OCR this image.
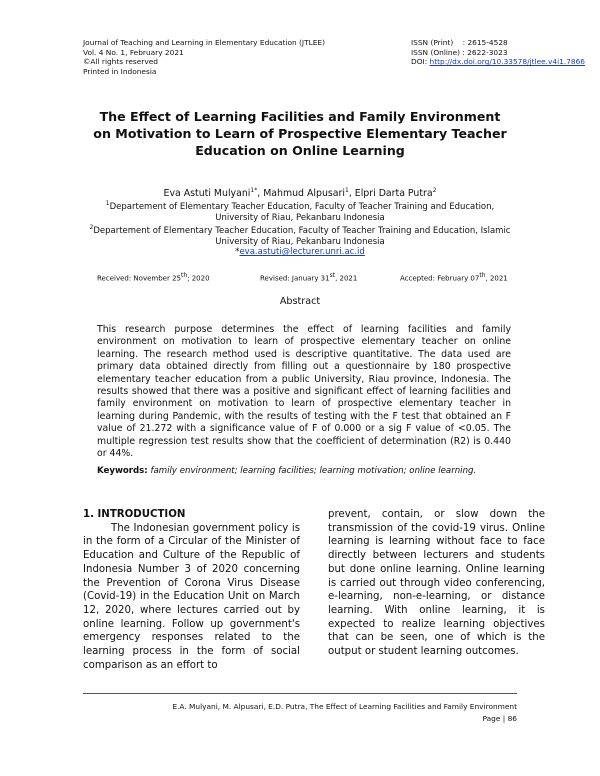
Journal of Teaching and Learning in Elementary Education (JTLEE)
Vol. 4 No. 1, February 2021
©All rights reserved
Printed in Indonesia
ISSN (Print)    : 2615-4528
ISSN (Online) : 2622-3023
DOI: http://dx.doi.org/10.33578/jtlee.v4i1.7866
The Effect of Learning Facilities and Family Environment on Motivation to Learn of Prospective Elementary Teacher Education on Online Learning
Eva Astuti Mulyani$^{1*}$, Mahmud Alpusari$^1$, Elpri Darta Putra$^2$
$^1$Departement of Elementary Teacher Education, Faculty of Teacher Training and Education, University of Riau, Pekanbaru Indonesia
$^2$Departement of Elementary Teacher Education, Faculty of Teacher Training and Education, Islamic University of Riau, Pekanbaru Indonesia
*eva.astuti@lecturer.unri.ac.id
Received: November 25th; 2020	Revised: January 31st, 2021	Accepted: February 07th, 2021
Abstract
This research purpose determines the effect of learning facilities and family environment on motivation to learn of prospective elementary teacher on online learning. The research method used is descriptive quantitative. The data used are primary data obtained directly from filling out a questionnaire by 180 prospective elementary teacher education from a public University, Riau province, Indonesia. The results showed that there was a positive and significant effect of learning facilities and family environment on motivation to learn of prospective elementary teacher in learning during Pandemic, with the results of testing with the F test that obtained an F value of 21.272 with a significance value of F of 0.000 or a sig F value of <0.05. The multiple regression test results show that the coefficient of determination (R2) is 0.440 or 44%.
Keywords: family environment; learning facilities; learning motivation; online learning.
1. INTRODUCTION
The Indonesian government policy is in the form of a Circular of the Minister of Education and Culture of the Republic of Indonesia Number 3 of 2020 concerning the Prevention of Corona Virus Disease (Covid-19) in the Education Unit on March 12, 2020, where lectures carried out by online learning. Follow up government's emergency responses related to the learning process in the form of social comparison as an effort to
prevent, contain, or slow down the transmission of the covid-19 virus. Online learning is learning without face to face directly between lecturers and students but done online learning. Online learning is carried out through video conferencing, e-learning, non-e-learning, or distance learning. With online learning, it is expected to realize learning objectives that can be seen, one of which is the output or student learning outcomes.
E.A. Mulyani, M. Alpusari, E.D. Putra, The Effect of Learning Facilities and Family Environment
Page | 86
